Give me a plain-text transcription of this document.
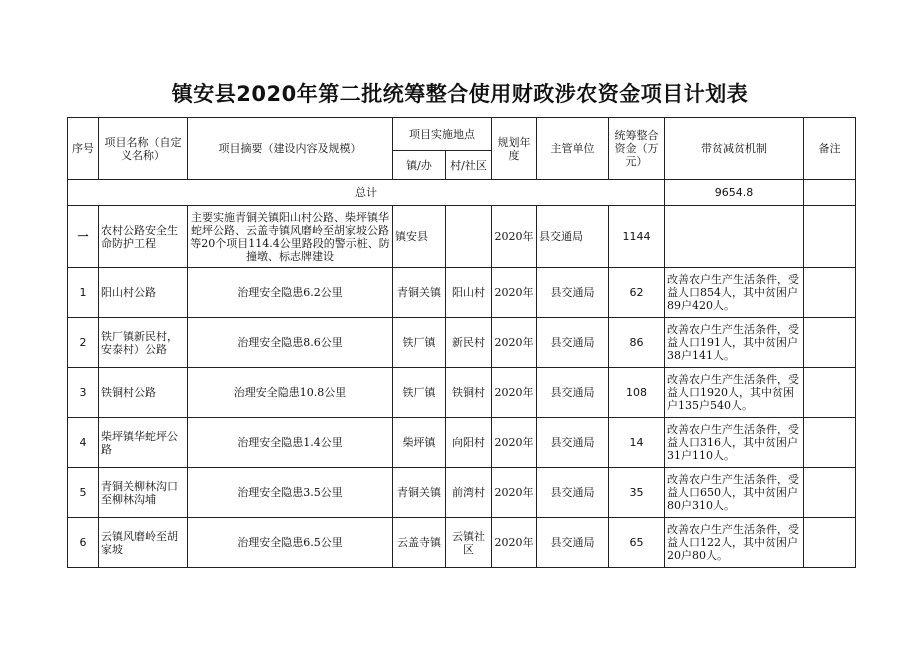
镇安县2020年第二批统筹整合使用财政涉农资金项目计划表
序号	项目名称（自定义名称）	项目摘要（建设内容及规模）	项目实施地点		规划年度	主管单位	统筹整合资金（万元）	带贫减贫机制	备注	
			镇/办	村/社区						
总计								9654.8		
一	农村公路安全生命防护工程	主要实施青铜关镇阳山村公路、柴坪镇华蛇坪公路、云盖寺镇风磨岭至胡家坡公路等20个项目114.4公里路段的警示桩、防撞墩、标志牌建设	镇安县		2020年	县交通局	1144			
1	阳山村公路	治理安全隐患6.2公里	青铜关镇	阳山村	2020年	县交通局	62	改善农户生产生活条件，受益人口854人，其中贫困户89户420人。		
2	铁厂镇新民村，安泰村）公路	治理安全隐患8.6公里	铁厂镇	新民村	2020年	县交通局	86	改善农户生产生活条件，受益人口191人，其中贫困户38户141人。		
3	铁铜村公路	治理安全隐患10.8公里	铁厂镇	铁铜村	2020年	县交通局	108	改善农户生产生活条件，受益人口1920人，其中贫困户135户540人。		
4	柴坪镇华蛇坪公路	治理安全隐患1.4公里	柴坪镇	向阳村	2020年	县交通局	14	改善农户生产生活条件，受益人口316人，其中贫困户31户110人。		
5	青铜关柳林沟口至柳林沟埔	治理安全隐患3.5公里	青铜关镇	前湾村	2020年	县交通局	35	改善农户生产生活条件，受益人口650人，其中贫困户80户310人。		
6	云镇风磨岭至胡家坡	治理安全隐患6.5公里	云盖寺镇	云镇社区	2020年	县交通局	65	改善农户生产生活条件，受益人口122人，其中贫困户20户80人。		
